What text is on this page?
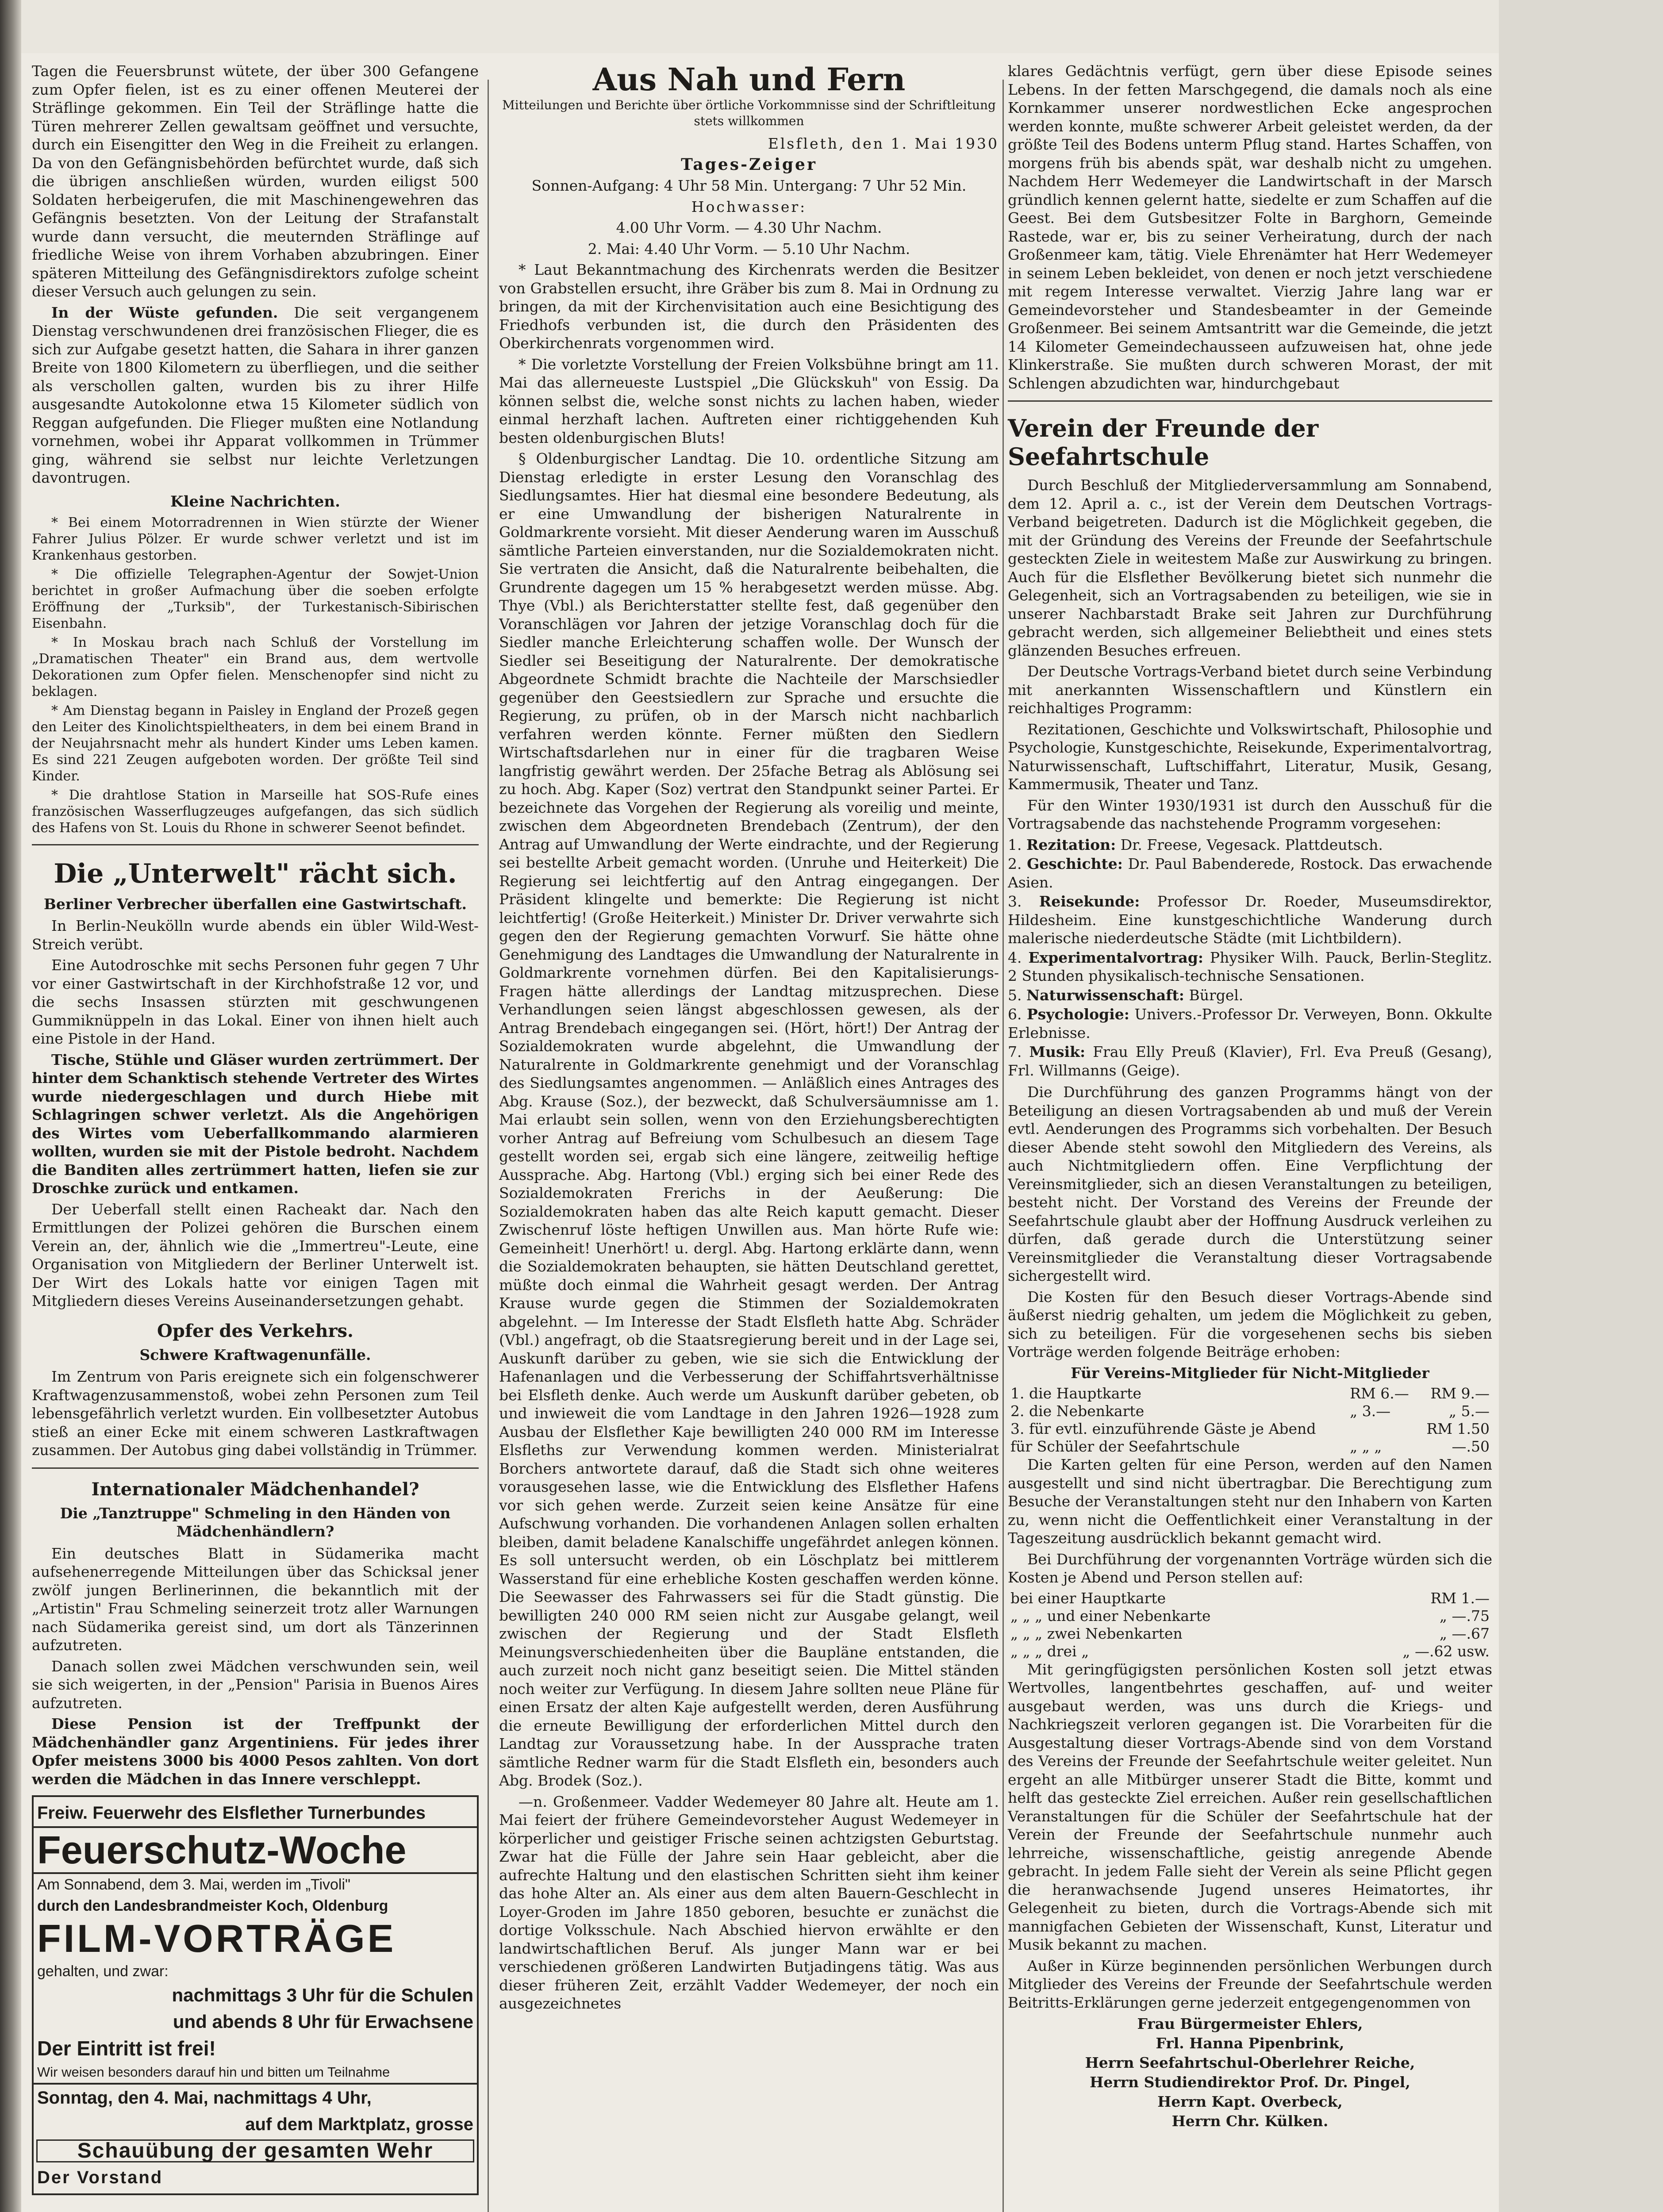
Tagen die Feuersbrunst wütete, der über 300 Gefangene zum Opfer fielen, ist es zu einer offenen Meuterei der Sträflinge gekommen. Ein Teil der Sträflinge hatte die Türen mehrerer Zellen gewaltsam geöffnet und versuchte, durch ein Eisengitter den Weg in die Freiheit zu erlangen. Da von den Gefängnisbehörden befürchtet wurde, daß sich die übrigen anschließen würden, wurden eiligst 500 Soldaten herbeigerufen, die mit Maschinengewehren das Gefängnis besetzten. Von der Leitung der Strafanstalt wurde dann versucht, die meuternden Sträflinge auf friedliche Weise von ihrem Vorhaben abzubringen. Einer späteren Mitteilung des Gefängnisdirektors zufolge scheint dieser Versuch auch gelungen zu sein.

In der Wüste gefunden. Die seit vergangenem Dienstag verschwundenen drei französischen Flieger, die es sich zur Aufgabe gesetzt hatten, die Sahara in ihrer ganzen Breite von 1800 Kilometern zu überfliegen, und die seither als verschollen galten, wurden bis zu ihrer Hilfe ausgesandte Autokolonne etwa 15 Kilometer südlich von Reggan aufgefunden. Die Flieger mußten eine Notlandung vornehmen, wobei ihr Apparat vollkommen in Trümmer ging, während sie selbst nur leichte Verletzungen davontrugen.

Kleine Nachrichten.

* Bei einem Motorradrennen in Wien stürzte der Wiener Fahrer Julius Pölzer. Er wurde schwer verletzt und ist im Krankenhaus gestorben.

* Die offizielle Telegraphen-Agentur der Sowjet-Union berichtet in großer Aufmachung über die soeben erfolgte Eröffnung der „Turksib", der Turkestanisch-Sibirischen Eisenbahn.

* In Moskau brach nach Schluß der Vorstellung im „Dramatischen Theater" ein Brand aus, dem wertvolle Dekorationen zum Opfer fielen. Menschenopfer sind nicht zu beklagen.

* Am Dienstag begann in Paisley in England der Prozeß gegen den Leiter des Kinolichtspieltheaters, in dem bei einem Brand in der Neujahrsnacht mehr als hundert Kinder ums Leben kamen. Es sind 221 Zeugen aufgeboten worden. Der größte Teil sind Kinder.

* Die drahtlose Station in Marseille hat SOS-Rufe eines französischen Wasserflugzeuges aufgefangen, das sich südlich des Hafens von St. Louis du Rhone in schwerer Seenot befindet.

Die „Unterwelt" rächt sich.

Berliner Verbrecher überfallen eine Gastwirtschaft.

In Berlin-Neukölln wurde abends ein übler Wild-West-Streich verübt.

Eine Autodroschke mit sechs Personen fuhr gegen 7 Uhr vor einer Gastwirtschaft in der Kirchhofstraße 12 vor, und die sechs Insassen stürzten mit geschwungenen Gummiknüppeln in das Lokal. Einer von ihnen hielt auch eine Pistole in der Hand.

Tische, Stühle und Gläser wurden zertrümmert. Der hinter dem Schanktisch stehende Vertreter des Wirtes wurde niedergeschlagen und durch Hiebe mit Schlagringen schwer verletzt. Als die Angehörigen des Wirtes vom Ueberfallkommando alarmieren wollten, wurden sie mit der Pistole bedroht. Nachdem die Banditen alles zertrümmert hatten, liefen sie zur Droschke zurück und entkamen.

Der Ueberfall stellt einen Racheakt dar. Nach den Ermittlungen der Polizei gehören die Burschen einem Verein an, der, ähnlich wie die „Immertreu"-Leute, eine Organisation von Mitgliedern der Berliner Unterwelt ist. Der Wirt des Lokals hatte vor einigen Tagen mit Mitgliedern dieses Vereins Auseinandersetzungen gehabt.

Opfer des Verkehrs.

Schwere Kraftwagenunfälle.

Im Zentrum von Paris ereignete sich ein folgenschwerer Kraftwagenzusammenstoß, wobei zehn Personen zum Teil lebensgefährlich verletzt wurden. Ein vollbesetzter Autobus stieß an einer Ecke mit einem schweren Lastkraftwagen zusammen. Der Autobus ging dabei vollständig in Trümmer.

Internationaler Mädchenhandel?

Die „Tanztruppe" Schmeling in den Händen von Mädchenhändlern?

Ein deutsches Blatt in Südamerika macht aufsehenerregende Mitteilungen über das Schicksal jener zwölf jungen Berlinerinnen, die bekanntlich mit der „Artistin" Frau Schmeling seinerzeit trotz aller Warnungen nach Südamerika gereist sind, um dort als Tänzerinnen aufzutreten.

Danach sollen zwei Mädchen verschwunden sein, weil sie sich weigerten, in der „Pension" Parisia in Buenos Aires aufzutreten.

Diese Pension ist der Treffpunkt der Mädchenhändler ganz Argentiniens. Für jedes ihrer Opfer meistens 3000 bis 4000 Pesos zahlten. Von dort werden die Mädchen in das Innere verschleppt.

Freiw. Feuerwehr des Elsflether Turnerbundes
Feuerschutz-Woche
Am Sonnabend, dem 3. Mai, werden im „Tivoli"
durch den Landesbrandmeister Koch, Oldenburg
FILM-VORTRÄGE
gehalten, und zwar:
nachmittags 3 Uhr für die Schulen
und abends 8 Uhr für Erwachsene
Der Eintritt ist frei!
Wir weisen besonders darauf hin und bitten um Teilnahme
Sonntag, den 4. Mai, nachmittags 4 Uhr,
auf dem Marktplatz, grosse
Schauübung der gesamten Wehr
Der Vorstand
Aus Nah und Fern

Mitteilungen und Berichte über örtliche Vorkommnisse sind der Schriftleitung stets willkommen

Elsfleth, den 1. Mai 1930

Tages-Zeiger

Sonnen-Aufgang: 4 Uhr 58 Min. Untergang: 7 Uhr 52 Min.

Hochwasser:

4.00 Uhr Vorm. — 4.30 Uhr Nachm.

2. Mai: 4.40 Uhr Vorm. — 5.10 Uhr Nachm.

* Laut Bekanntmachung des Kirchenrats werden die Besitzer von Grabstellen ersucht, ihre Gräber bis zum 8. Mai in Ordnung zu bringen, da mit der Kirchenvisitation auch eine Besichtigung des Friedhofs verbunden ist, die durch den Präsidenten des Oberkirchenrats vorgenommen wird.

* Die vorletzte Vorstellung der Freien Volksbühne bringt am 11. Mai das allerneueste Lustspiel „Die Glückskuh" von Essig. Da können selbst die, welche sonst nichts zu lachen haben, wieder einmal herzhaft lachen. Auftreten einer richtiggehenden Kuh besten oldenburgischen Bluts!

§ Oldenburgischer Landtag. Die 10. ordentliche Sitzung am Dienstag erledigte in erster Lesung den Voranschlag des Siedlungsamtes. Hier hat diesmal eine besondere Bedeutung, als er eine Umwandlung der bisherigen Naturalrente in Goldmarkrente vorsieht. Mit dieser Aenderung waren im Ausschuß sämtliche Parteien einverstanden, nur die Sozialdemokraten nicht. Sie vertraten die Ansicht, daß die Naturalrente beibehalten, die Grundrente dagegen um 15 % herabgesetzt werden müsse. Abg. Thye (Vbl.) als Berichterstatter stellte fest, daß gegenüber den Voranschlägen vor Jahren der jetzige Voranschlag doch für die Siedler manche Erleichterung schaffen wolle. Der Wunsch der Siedler sei Beseitigung der Naturalrente. Der demokratische Abgeordnete Schmidt brachte die Nachteile der Marschsiedler gegenüber den Geestsiedlern zur Sprache und ersuchte die Regierung, zu prüfen, ob in der Marsch nicht nachbarlich verfahren werden könnte. Ferner müßten den Siedlern Wirtschaftsdarlehen nur in einer für die tragbaren Weise langfristig gewährt werden. Der 25fache Betrag als Ablösung sei zu hoch. Abg. Kaper (Soz) vertrat den Standpunkt seiner Partei. Er bezeichnete das Vorgehen der Regierung als voreilig und meinte, zwischen dem Abgeordneten Brendebach (Zentrum), der den Antrag auf Umwandlung der Werte eindrachte, und der Regierung sei bestellte Arbeit gemacht worden. (Unruhe und Heiterkeit) Die Regierung sei leichtfertig auf den Antrag eingegangen. Der Präsident klingelte und bemerkte: Die Regierung ist nicht leichtfertig! (Große Heiterkeit.) Minister Dr. Driver verwahrte sich gegen den der Regierung gemachten Vorwurf. Sie hätte ohne Genehmigung des Landtages die Umwandlung der Naturalrente in Goldmarkrente vornehmen dürfen. Bei den Kapitalisierungs-Fragen hätte allerdings der Landtag mitzusprechen. Diese Verhandlungen seien längst abgeschlossen gewesen, als der Antrag Brendebach eingegangen sei. (Hört, hört!) Der Antrag der Sozialdemokraten wurde abgelehnt, die Umwandlung der Naturalrente in Goldmarkrente genehmigt und der Voranschlag des Siedlungsamtes angenommen. — Anläßlich eines Antrages des Abg. Krause (Soz.), der bezweckt, daß Schulversäumnisse am 1. Mai erlaubt sein sollen, wenn von den Erziehungsberechtigten vorher Antrag auf Befreiung vom Schulbesuch an diesem Tage gestellt worden sei, ergab sich eine längere, zeitweilig heftige Aussprache. Abg. Hartong (Vbl.) erging sich bei einer Rede des Sozialdemokraten Frerichs in der Aeußerung: Die Sozialdemokraten haben das alte Reich kaputt gemacht. Dieser Zwischenruf löste heftigen Unwillen aus. Man hörte Rufe wie: Gemeinheit! Unerhört! u. dergl. Abg. Hartong erklärte dann, wenn die Sozialdemokraten behaupten, sie hätten Deutschland gerettet, müßte doch einmal die Wahrheit gesagt werden. Der Antrag Krause wurde gegen die Stimmen der Sozialdemokraten abgelehnt. — Im Interesse der Stadt Elsfleth hatte Abg. Schräder (Vbl.) angefragt, ob die Staatsregierung bereit und in der Lage sei, Auskunft darüber zu geben, wie sie sich die Entwicklung der Hafenanlagen und die Verbesserung der Schiffahrtsverhältnisse bei Elsfleth denke. Auch werde um Auskunft darüber gebeten, ob und inwieweit die vom Landtage in den Jahren 1926—1928 zum Ausbau der Elsflether Kaje bewilligten 240 000 RM im Interesse Elsfleths zur Verwendung kommen werden. Ministerialrat Borchers antwortete darauf, daß die Stadt sich ohne weiteres vorausgesehen lasse, wie die Entwicklung des Elsflether Hafens vor sich gehen werde. Zurzeit seien keine Ansätze für eine Aufschwung vorhanden. Die vorhandenen Anlagen sollen erhalten bleiben, damit beladene Kanalschiffe ungefährdet anlegen können. Es soll untersucht werden, ob ein Löschplatz bei mittlerem Wasserstand für eine erhebliche Kosten geschaffen werden könne. Die Seewasser des Fahrwassers sei für die Stadt günstig. Die bewilligten 240 000 RM seien nicht zur Ausgabe gelangt, weil zwischen der Regierung und der Stadt Elsfleth Meinungsverschiedenheiten über die Baupläne entstanden, die auch zurzeit noch nicht ganz beseitigt seien. Die Mittel ständen noch weiter zur Verfügung. In diesem Jahre sollten neue Pläne für einen Ersatz der alten Kaje aufgestellt werden, deren Ausführung die erneute Bewilligung der erforderlichen Mittel durch den Landtag zur Voraussetzung habe. In der Aussprache traten sämtliche Redner warm für die Stadt Elsfleth ein, besonders auch Abg. Brodek (Soz.).

—n. Großenmeer. Vadder Wedemeyer 80 Jahre alt. Heute am 1. Mai feiert der frühere Gemeindevorsteher August Wedemeyer in körperlicher und geistiger Frische seinen achtzigsten Geburtstag. Zwar hat die Fülle der Jahre sein Haar gebleicht, aber die aufrechte Haltung und den elastischen Schritten sieht ihm keiner das hohe Alter an. Als einer aus dem alten Bauern-Geschlecht in Loyer-Groden im Jahre 1850 geboren, besuchte er zunächst die dortige Volksschule. Nach Abschied hiervon erwählte er den landwirtschaftlichen Beruf. Als junger Mann war er bei verschiedenen größeren Landwirten Butjadingens tätig. Was aus dieser früheren Zeit, erzählt Vadder Wedemeyer, der noch ein ausgezeichnetes

klares Gedächtnis verfügt, gern über diese Episode seines Lebens. In der fetten Marschgegend, die damals noch als eine Kornkammer unserer nordwestlichen Ecke angesprochen werden konnte, mußte schwerer Arbeit geleistet werden, da der größte Teil des Bodens unterm Pflug stand. Hartes Schaffen, von morgens früh bis abends spät, war deshalb nicht zu umgehen. Nachdem Herr Wedemeyer die Landwirtschaft in der Marsch gründlich kennen gelernt hatte, siedelte er zum Schaffen auf die Geest. Bei dem Gutsbesitzer Folte in Barghorn, Gemeinde Rastede, war er, bis zu seiner Verheiratung, durch der nach Großenmeer kam, tätig. Viele Ehrenämter hat Herr Wedemeyer in seinem Leben bekleidet, von denen er noch jetzt verschiedene mit regem Interesse verwaltet. Vierzig Jahre lang war er Gemeindevorsteher und Standesbeamter in der Gemeinde Großenmeer. Bei seinem Amtsantritt war die Gemeinde, die jetzt 14 Kilometer Gemeindechausseen aufzuweisen hat, ohne jede Klinkerstraße. Sie mußten durch schweren Morast, der mit Schlengen abzudichten war, hindurchgebaut

Verein der Freunde der Seefahrtschule

Durch Beschluß der Mitgliederversammlung am Sonnabend, dem 12. April a. c., ist der Verein dem Deutschen Vortrags-Verband beigetreten. Dadurch ist die Möglichkeit gegeben, die mit der Gründung des Vereins der Freunde der Seefahrtschule gesteckten Ziele in weitestem Maße zur Auswirkung zu bringen. Auch für die Elsflether Bevölkerung bietet sich nunmehr die Gelegenheit, sich an Vortragsabenden zu beteiligen, wie sie in unserer Nachbarstadt Brake seit Jahren zur Durchführung gebracht werden, sich allgemeiner Beliebtheit und eines stets glänzenden Besuches erfreuen.

Der Deutsche Vortrags-Verband bietet durch seine Verbindung mit anerkannten Wissenschaftlern und Künstlern ein reichhaltiges Programm:

Rezitationen, Geschichte und Volkswirtschaft, Philosophie und Psychologie, Kunstgeschichte, Reisekunde, Experimentalvortrag, Naturwissenschaft, Luftschiffahrt, Literatur, Musik, Gesang, Kammermusik, Theater und Tanz.

Für den Winter 1930/1931 ist durch den Ausschuß für die Vortragsabende das nachstehende Programm vorgesehen:

1. Rezitation: Dr. Freese, Vegesack. Plattdeutsch.
2. Geschichte: Dr. Paul Babenderede, Rostock. Das erwachende Asien.
3. Reisekunde: Professor Dr. Roeder, Museumsdirektor, Hildesheim. Eine kunstgeschichtliche Wanderung durch malerische niederdeutsche Städte (mit Lichtbildern).
4. Experimentalvortrag: Physiker Wilh. Pauck, Berlin-Steglitz. 2 Stunden physikalisch-technische Sensationen.
5. Naturwissenschaft: Bürgel.
6. Psychologie: Univers.-Professor Dr. Verweyen, Bonn. Okkulte Erlebnisse.
7. Musik: Frau Elly Preuß (Klavier), Frl. Eva Preuß (Gesang), Frl. Willmanns (Geige).

Die Durchführung des ganzen Programms hängt von der Beteiligung an diesen Vortragsabenden ab und muß der Verein evtl. Aenderungen des Programms sich vorbehalten. Der Besuch dieser Abende steht sowohl den Mitgliedern des Vereins, als auch Nichtmitgliedern offen. Eine Verpflichtung der Vereinsmitglieder, sich an diesen Veranstaltungen zu beteiligen, besteht nicht. Der Vorstand des Vereins der Freunde der Seefahrtschule glaubt aber der Hoffnung Ausdruck verleihen zu dürfen, daß gerade durch die Unterstützung seiner Vereinsmitglieder die Veranstaltung dieser Vortragsabende sichergestellt wird.

Die Kosten für den Besuch dieser Vortrags-Abende sind äußerst niedrig gehalten, um jedem die Möglichkeit zu geben, sich zu beteiligen. Für die vorgesehenen sechs bis sieben Vorträge werden folgende Beiträge erhoben:

Für Vereins-Mitglieder für Nicht-Mitglieder

1. die Hauptkarte	RM 6.—	RM 9.—
2. die Nebenkarte	„ 3.—	„ 5.—
3. für evtl. einzuführende Gäste je Abend		RM 1.50
für Schüler der Seefahrtschule	„ „ „	—.50

Die Karten gelten für eine Person, werden auf den Namen ausgestellt und sind nicht übertragbar. Die Berechtigung zum Besuche der Veranstaltungen steht nur den Inhabern von Karten zu, wenn nicht die Oeffentlichkeit einer Veranstaltung in der Tageszeitung ausdrücklich bekannt gemacht wird.

Bei Durchführung der vorgenannten Vorträge würden sich die Kosten je Abend und Person stellen auf:

bei einer Hauptkarte	RM 1.—
„ „ „ und einer Nebenkarte	„ —.75
„ „ „ zwei Nebenkarten	„ —.67
„ „ „ drei „	„ —.62 usw.

Mit geringfügigsten persönlichen Kosten soll jetzt etwas Wertvolles, langentbehrtes geschaffen, auf- und weiter ausgebaut werden, was uns durch die Kriegs- und Nachkriegszeit verloren gegangen ist. Die Vorarbeiten für die Ausgestaltung dieser Vortrags-Abende sind von dem Vorstand des Vereins der Freunde der Seefahrtschule weiter geleitet. Nun ergeht an alle Mitbürger unserer Stadt die Bitte, kommt und helft das gesteckte Ziel erreichen. Außer rein gesellschaftlichen Veranstaltungen für die Schüler der Seefahrtschule hat der Verein der Freunde der Seefahrtschule nunmehr auch lehrreiche, wissenschaftliche, geistig anregende Abende gebracht. In jedem Falle sieht der Verein als seine Pflicht gegen die heranwachsende Jugend unseres Heimatortes, ihr Gelegenheit zu bieten, durch die Vortrags-Abende sich mit mannigfachen Gebieten der Wissenschaft, Kunst, Literatur und Musik bekannt zu machen.

Außer in Kürze beginnenden persönlichen Werbungen durch Mitglieder des Vereins der Freunde der Seefahrtschule werden Beitritts-Erklärungen gerne jederzeit entgegengenommen von

Frau Bürgermeister Ehlers,
Frl. Hanna Pipenbrink,
Herrn Seefahrtschul-Oberlehrer Reiche,
Herrn Studiendirektor Prof. Dr. Pingel,
Herrn Kapt. Overbeck,
Herrn Chr. Külken.
